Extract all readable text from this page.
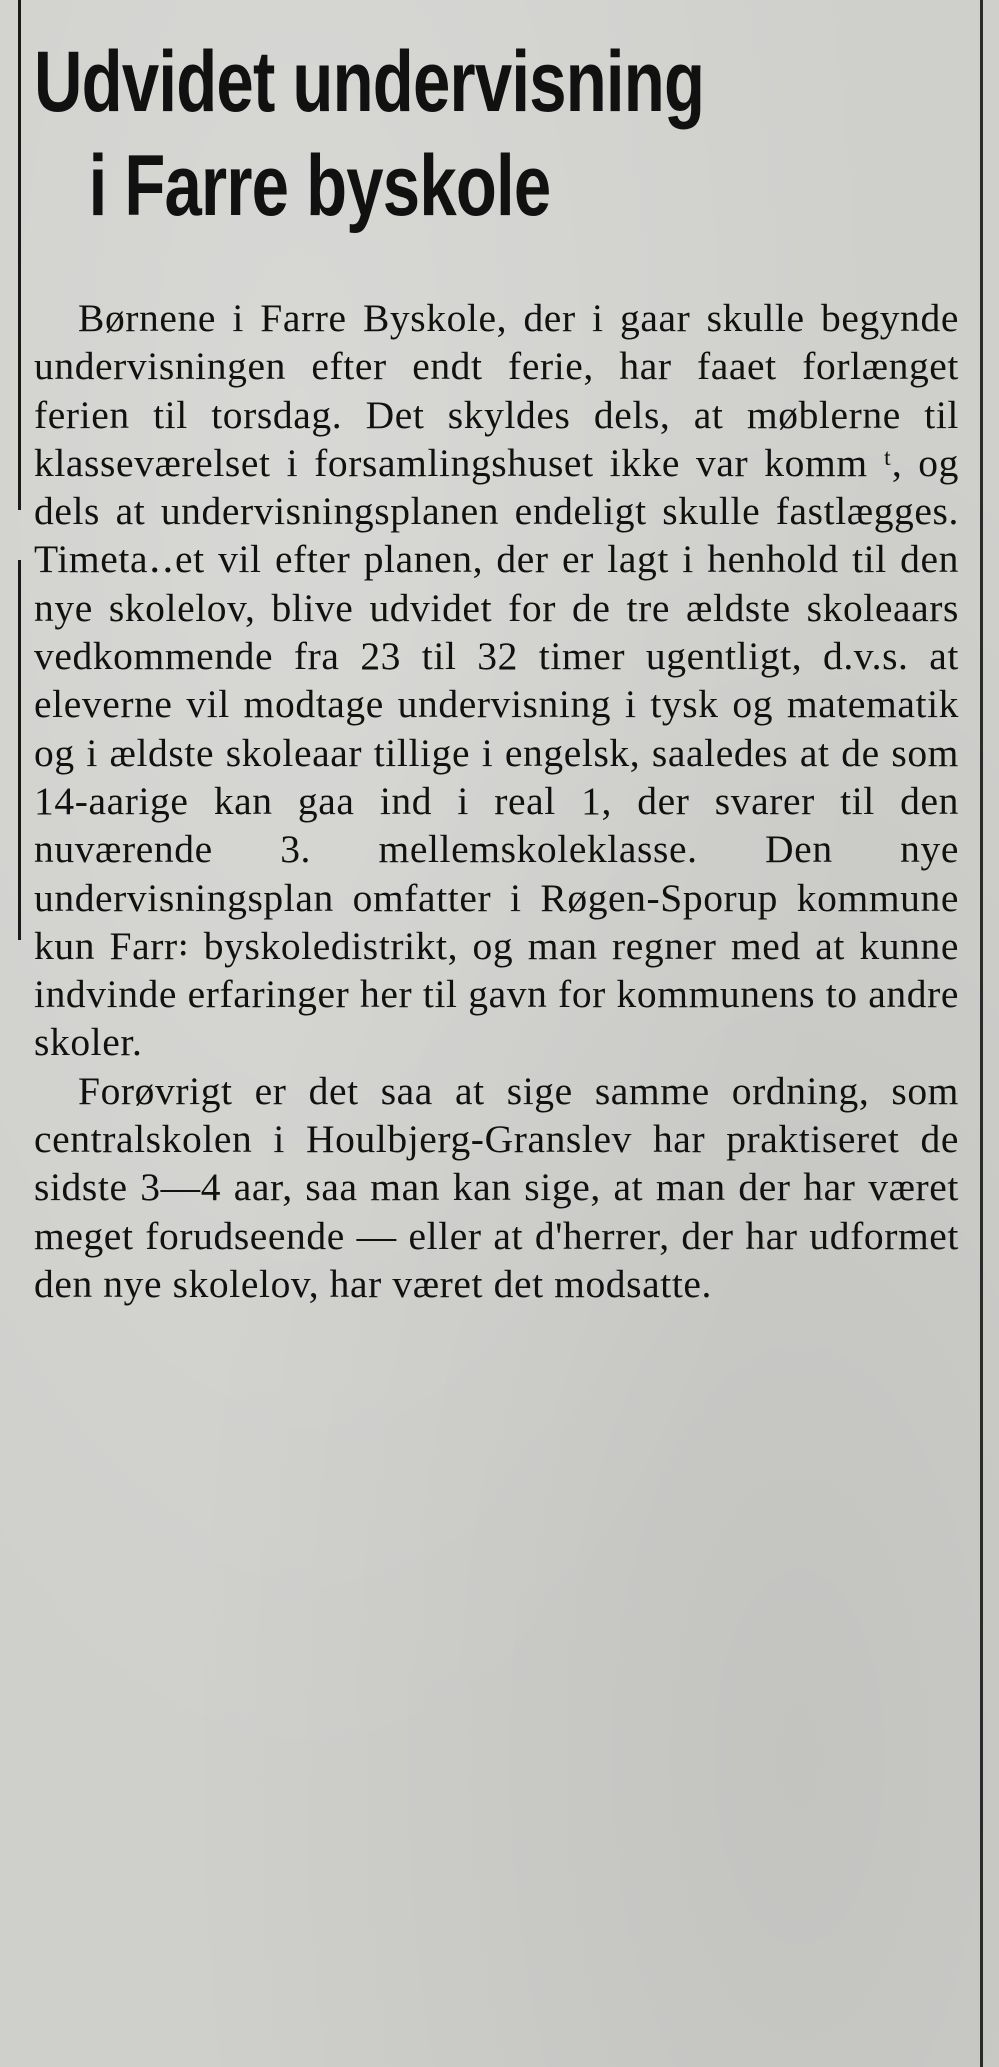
Udvidet undervisning
i Farre byskole

Børnene i Farre Byskole, der i gaar skulle begynde undervisningen efter endt ferie, har faaet forlænget ferien til torsdag. Det skyldes dels, at møblerne til klasseværelset i forsamlingshuset ikke var komm ᵗ, og dels at undervisningsplanen endeligt skulle fastlægges. Timeta‥et vil efter planen, der er lagt i henhold til den nye skolelov, blive udvidet for de tre ældste skoleaars vedkommende fra 23 til 32 timer ugentligt, d.v.s. at eleverne vil modtage undervisning i tysk og matematik og i ældste skoleaar tillige i engelsk, saaledes at de som 14-aarige kan gaa ind i real 1, der svarer til den nuværende 3. mellemskoleklasse. Den nye undervisningsplan omfatter i Røgen-Sporup kommune kun Farr꞉ byskoledistrikt, og man regner med at kunne indvinde erfaringer her til gavn for kommunens to andre skoler.

Forøvrigt er det saa at sige samme ordning, som centralskolen i Houlbjerg-Granslev har praktiseret de sidste 3—4 aar, saa man kan sige, at man der har været meget forudseende — eller at d'herrer, der har udformet den nye skolelov, har været det modsatte.
